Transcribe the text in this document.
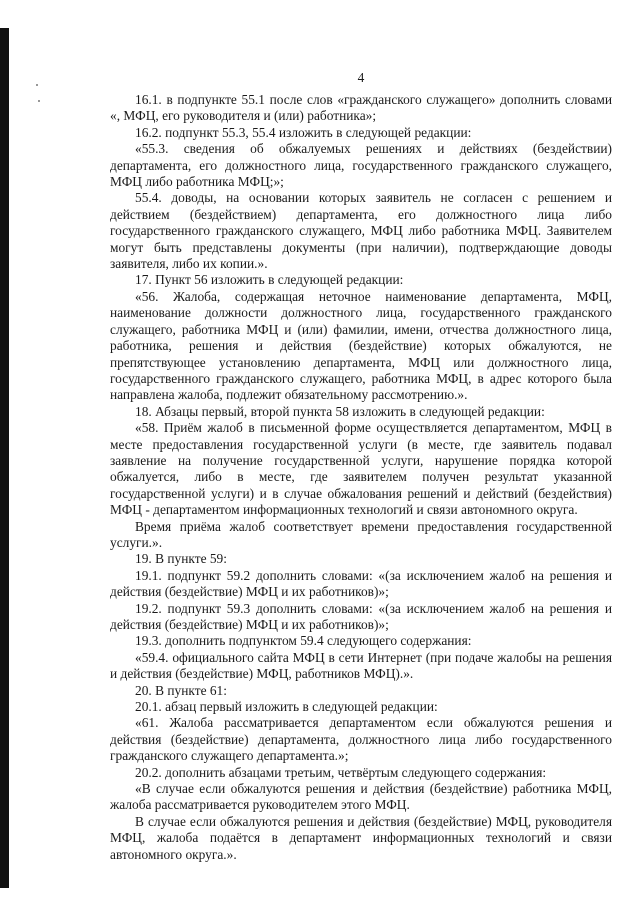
4

16.1. в подпункте 55.1 после слов «гражданского служащего» дополнить словами «, МФЦ, его руководителя и (или) работника»;

16.2. подпункт 55.3, 55.4 изложить в следующей редакции:

«55.3. сведения об обжалуемых решениях и действиях (бездействии) департамента, его должностного лица, государственного гражданского служащего, МФЦ либо работника МФЦ;»;

55.4. доводы, на основании которых заявитель не согласен с решением и действием (бездействием) департамента, его должностного лица либо государственного гражданского служащего, МФЦ либо работника МФЦ. Заявителем могут быть представлены документы (при наличии), подтверждающие доводы заявителя, либо их копии.».

17. Пункт 56 изложить в следующей редакции:

«56. Жалоба, содержащая неточное наименование департамента, МФЦ, наименование должности должностного лица, государственного гражданского служащего, работника МФЦ и (или) фамилии, имени, отчества должностного лица, работника, решения и действия (бездействие) которых обжалуются, не препятствующее установлению департамента, МФЦ или должностного лица, государственного гражданского служащего, работника МФЦ, в адрес которого была направлена жалоба, подлежит обязательному рассмотрению.».

18. Абзацы первый, второй пункта 58 изложить в следующей редакции:

«58. Приём жалоб в письменной форме осуществляется департаментом, МФЦ в месте предоставления государственной услуги (в месте, где заявитель подавал заявление на получение государственной услуги, нарушение порядка которой обжалуется, либо в месте, где заявителем получен результат указанной государственной услуги) и в случае обжалования решений и действий (бездействия) МФЦ - департаментом информационных технологий и связи автономного округа.

Время приёма жалоб соответствует времени предоставления государственной услуги.».

19. В пункте 59:

19.1. подпункт 59.2 дополнить словами: «(за исключением жалоб на решения и действия (бездействие) МФЦ и их работников)»;

19.2. подпункт 59.3 дополнить словами: «(за исключением жалоб на решения и действия (бездействие) МФЦ и их работников)»;

19.3. дополнить подпунктом 59.4 следующего содержания:

«59.4. официального сайта МФЦ в сети Интернет (при подаче жалобы на решения и действия (бездействие) МФЦ, работников МФЦ).».

20. В пункте 61:

20.1. абзац первый изложить в следующей редакции:

«61. Жалоба рассматривается департаментом если обжалуются решения и действия (бездействие) департамента, должностного лица либо государственного гражданского служащего департамента.»;

20.2. дополнить абзацами третьим, четвёртым следующего содержания:

«В случае если обжалуются решения и действия (бездействие) работника МФЦ, жалоба рассматривается руководителем этого МФЦ.

В случае если обжалуются решения и действия (бездействие) МФЦ, руководителя МФЦ, жалоба подаётся в департамент информационных технологий и связи автономного округа.».
